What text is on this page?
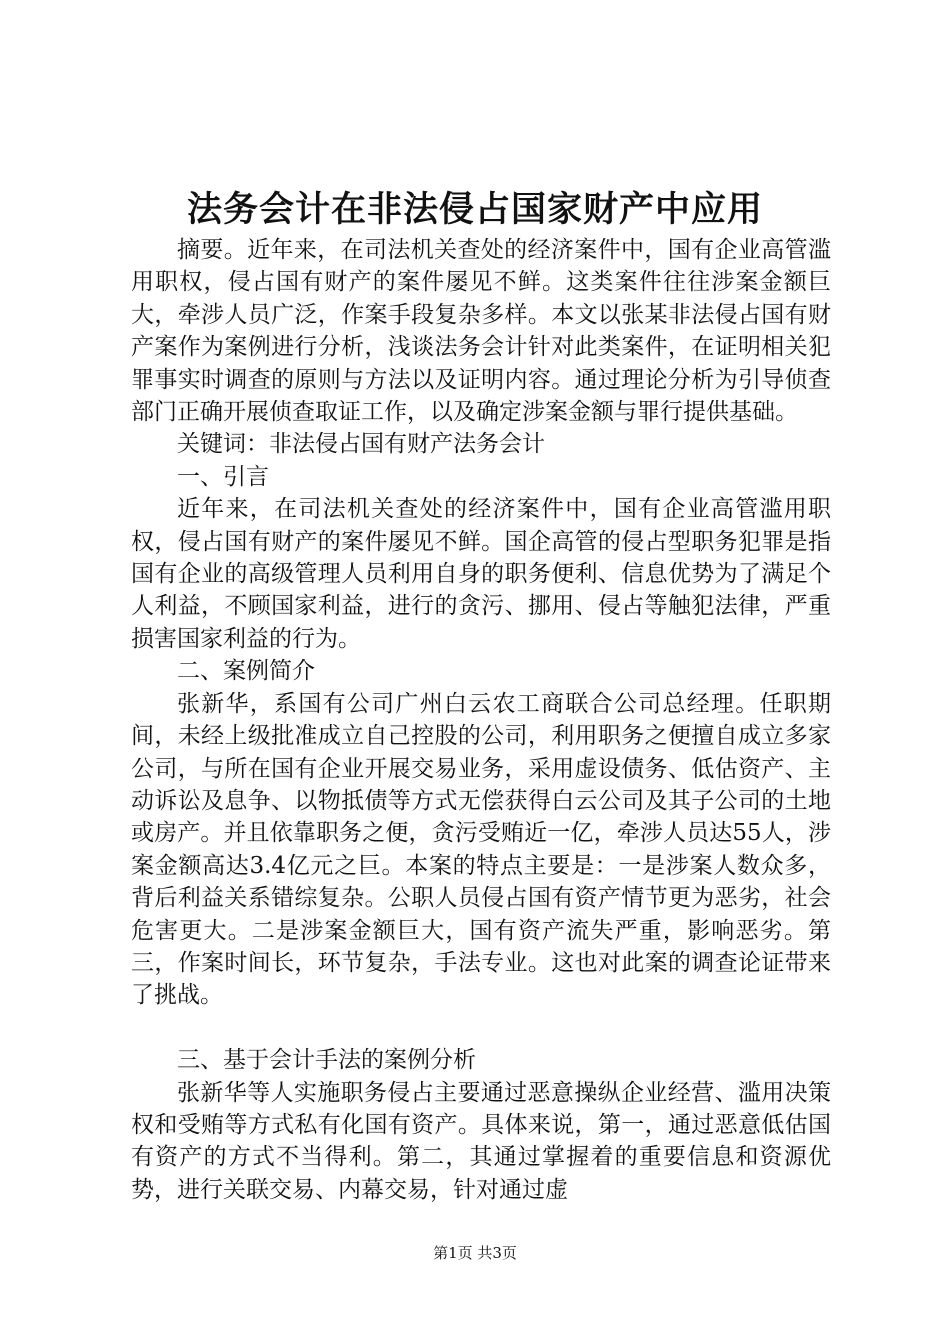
法务会计在非法侵占国家财产中应用

摘要。近年来，在司法机关查处的经济案件中，国有企业高管滥用职权，侵占国有财产的案件屡见不鲜。这类案件往往涉案金额巨大，牵涉人员广泛，作案手段复杂多样。本文以张某非法侵占国有财产案作为案例进行分析，浅谈法务会计针对此类案件，在证明相关犯罪事实时调查的原则与方法以及证明内容。通过理论分析为引导侦查部门正确开展侦查取证工作，以及确定涉案金额与罪行提供基础。

关键词：非法侵占国有财产法务会计

一、引言

近年来，在司法机关查处的经济案件中，国有企业高管滥用职权，侵占国有财产的案件屡见不鲜。国企高管的侵占型职务犯罪是指国有企业的高级管理人员利用自身的职务便利、信息优势为了满足个人利益，不顾国家利益，进行的贪污、挪用、侵占等触犯法律，严重损害国家利益的行为。

二、案例简介

张新华，系国有公司广州白云农工商联合公司总经理。任职期间，未经上级批准成立自己控股的公司，利用职务之便擅自成立多家公司，与所在国有企业开展交易业务，采用虚设债务、低估资产、主动诉讼及息争、以物抵债等方式无偿获得白云公司及其子公司的土地或房产。并且依靠职务之便，贪污受贿近一亿，牵涉人员达55人，涉案金额高达3.4亿元之巨。本案的特点主要是：一是涉案人数众多，背后利益关系错综复杂。公职人员侵占国有资产情节更为恶劣，社会危害更大。二是涉案金额巨大，国有资产流失严重，影响恶劣。第三，作案时间长，环节复杂，手法专业。这也对此案的调查论证带来了挑战。

三、基于会计手法的案例分析

张新华等人实施职务侵占主要通过恶意操纵企业经营、滥用决策权和受贿等方式私有化国有资产。具体来说，第一，通过恶意低估国有资产的方式不当得利。第二，其通过掌握着的重要信息和资源优势，进行关联交易、内幕交易，针对通过虚

第1页 共3页
